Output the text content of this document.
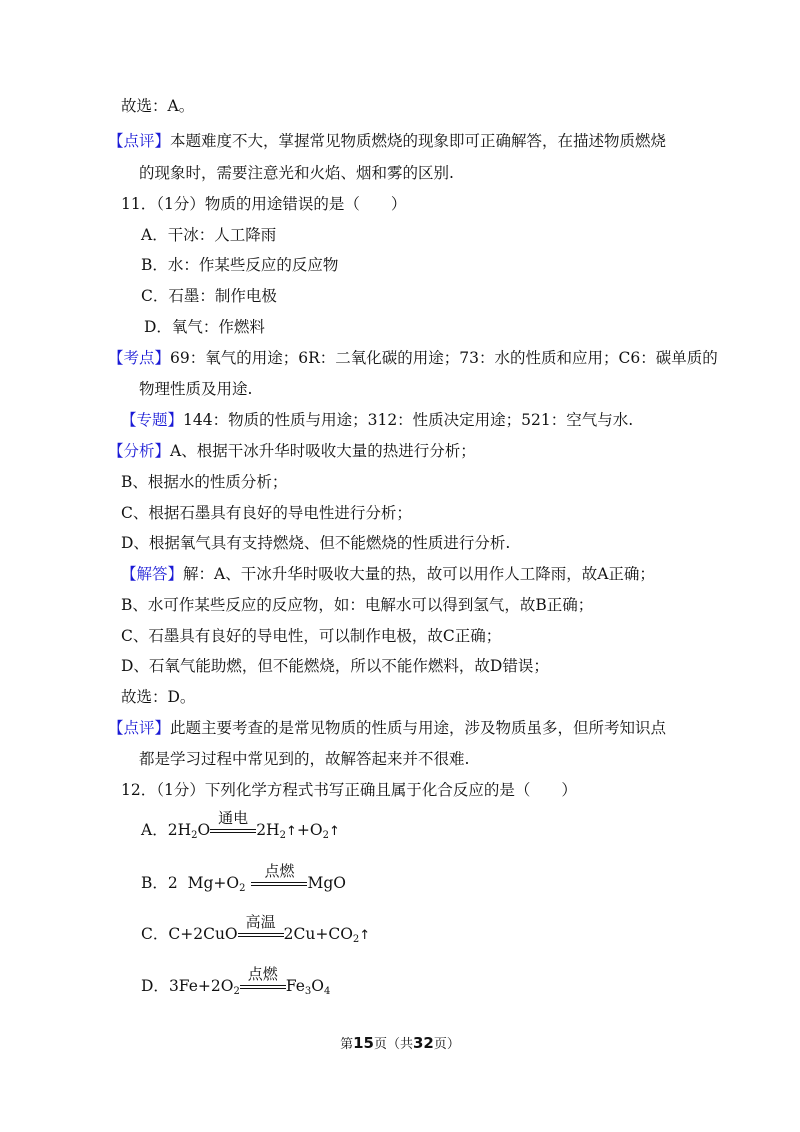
故选：A。
【点评】本题难度不大，掌握常见物质燃烧的现象即可正确解答，在描述物质燃烧
的现象时，需要注意光和火焰、烟和雾的区别.
11．（1分）物质的用途错误的是（　　）
A．干冰：人工降雨
B．水：作某些反应的反应物
C．石墨：制作电极
D．氧气：作燃料
【考点】69：氧气的用途；6R：二氧化碳的用途；73：水的性质和应用；C6：碳单质的
物理性质及用途.
【专题】144：物质的性质与用途；312：性质决定用途；521：空气与水.
【分析】A、根据干冰升华时吸收大量的热进行分析；
B、根据水的性质分析；
C、根据石墨具有良好的导电性进行分析；
D、根据氧气具有支持燃烧、但不能燃烧的性质进行分析.
【解答】解：A、干冰升华时吸收大量的热，故可以用作人工降雨，故A正确；
B、水可作某些反应的反应物，如：电解水可以得到氢气，故B正确；
C、石墨具有良好的导电性，可以制作电极，故C正确；
D、石氧气能助燃，但不能燃烧，所以不能作燃料，故D错误；
故选：D。
【点评】此题主要考查的是常见物质的性质与用途，涉及物质虽多，但所考知识点
都是学习过程中常见到的，故解答起来并不很难.
12．（1分）下列化学方程式书写正确且属于化合反应的是（　　）
A．$2H_2O$
通电
$2H_2↑+O_2↑$
B．2  $Mg+O_2$
点燃
MgO
C．C+2CuO
高温
$2Cu+CO_2↑$
D．$3Fe+2O_2$
点燃
$Fe_3O_4$
第15页（共32页）
